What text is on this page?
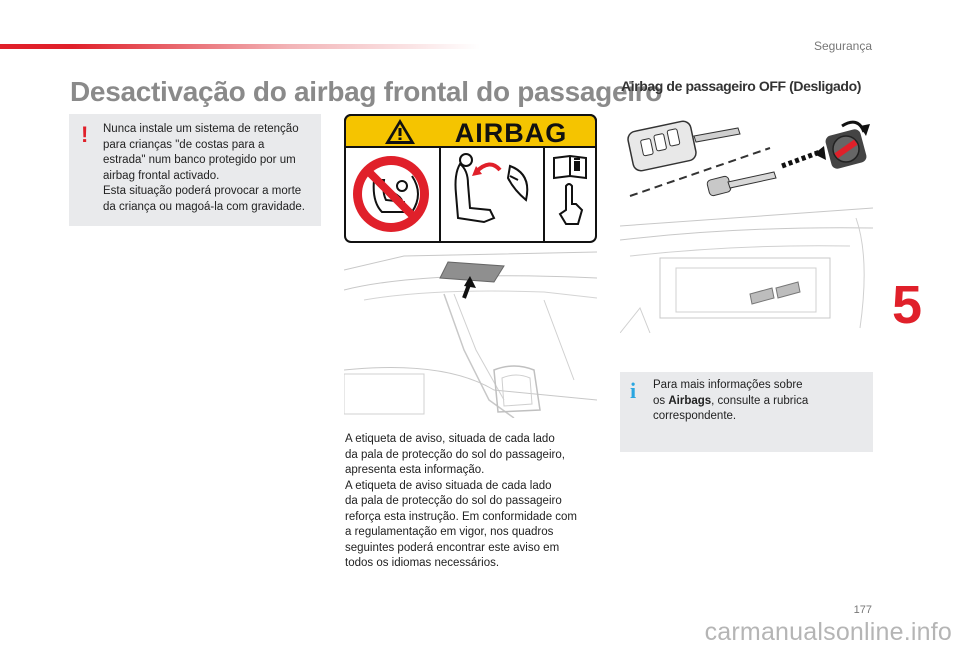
Segurança
Desactivação do airbag frontal do passageiro
! Nunca instale um sistema de retenção

para crianças "de costas para a

estrada" num banco protegido por um

airbag frontal activado.

Esta situação poderá provocar a morte

da criança ou magoá-la com gravidade.

AIRBAG

A etiqueta de aviso, situada de cada lado

da pala de protecção do sol do passageiro,

apresenta esta informação.

A etiqueta de aviso situada de cada lado

da pala de protecção do sol do passageiro

reforça esta instrução. Em conformidade com

a regulamentação em vigor, nos quadros

seguintes poderá encontrar este aviso em

todos os idiomas necessários.

Airbag de passageiro OFF (Desligado)
i Para mais informações sobre
os Airbags, consulte a rubrica
correspondente.
5
177
carmanualsonline.info
